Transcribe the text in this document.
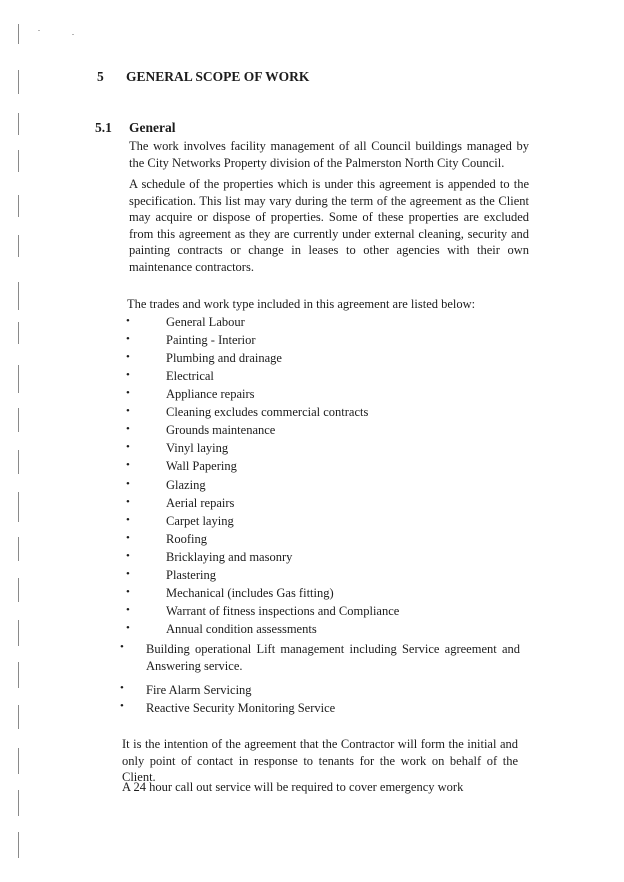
5 GENERAL SCOPE OF WORK
5.1 General
The work involves facility management of all Council buildings managed by the City Networks Property division of the Palmerston North City Council.
A schedule of the properties which is under this agreement is appended to the specification. This list may vary during the term of the agreement as the Client may acquire or dispose of properties. Some of these properties are excluded from this agreement as they are currently under external cleaning, security and painting contracts or change in leases to other agencies with their own maintenance contractors.
The trades and work type included in this agreement are listed below:
•	General Labour
•	Painting - Interior
•	Plumbing and drainage
•	Electrical
•	Appliance repairs
•	Cleaning excludes commercial contracts
•	Grounds maintenance
•	Vinyl laying
•	Wall Papering
•	Glazing
•	Aerial repairs
•	Carpet laying
•	Roofing
•	Bricklaying and masonry
•	Plastering
•	Mechanical (includes Gas fitting)
•	Warrant of fitness inspections and Compliance
•	Annual condition assessments
• Building operational Lift management including Service agreement and Answering service.
• Fire Alarm Servicing
• Reactive Security Monitoring Service
It is the intention of the agreement that the Contractor will form the initial and only point of contact in response to tenants for the work on behalf of the Client.
A 24 hour call out service will be required to cover emergency work
